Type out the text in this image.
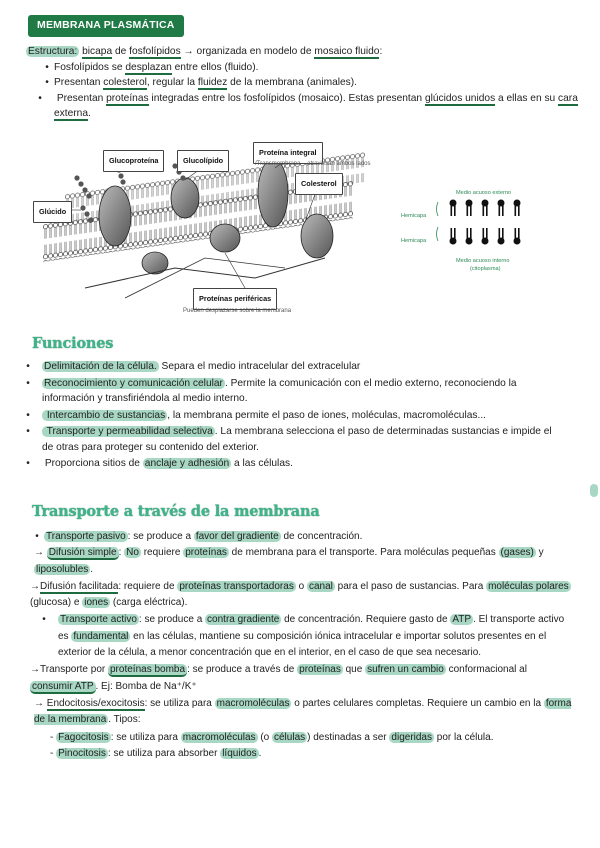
MEMBRANA PLASMÁTICA

Estructura: bicapa de fosfolípidos → organizada en modelo de mosaico fluido:

• Fosfolípidos se desplazan entre ellos (fluido).

• Presentan colesterol, regular la fluidez de la membrana (animales).

• Presentan proteínas integradas entre los fosfolípidos (mosaico). Estas presentan glúcidos unidos a ellas en su cara externa.

Glucoproteína	Glucolípido
Proteína integral
/Transmembrana    atraviesan ambos lados
Colesterol
Glúcido
Proteínas periféricas
Pueden desplazarse sobre la membrana
Medio acuoso externo
Hemicapa
Hemicapa
Medio acuoso interno
(citoplasma)
Funciones

• Delimitación de la célula. Separa el medio intracelular del extracelular

• Reconocimiento y comunicación celular . Permite la comunicación con el medio externo, reconociendo la información y transfiriéndola al medio interno.

• Intercambio de sustancias , la membrana permite el paso de iones, moléculas, macromoléculas...

• Transporte y permeabilidad selectiva . La membrana selecciona el paso de determinadas sustancias e impide el de otras para proteger su contenido del exterior.

• Proporciona sitios de anclaje y adhesión a las células.

Transporte a través de la membrana

• Transporte pasivo : se produce a favor del gradiente de concentración.

→ Difusión simple : No requiere proteínas de membrana para el transporte. Para moléculas pequeñas (gases) y liposolubles .

→Difusión facilitada: requiere de proteínas transportadoras o canal para el paso de sustancias. Para moléculas polares (glucosa) e iones (carga eléctrica).

• Transporte activo : se produce a contra gradiente de concentración. Requiere gasto de ATP . El transporte activo es fundamental en las células, mantiene su composición iónica intracelular e importar solutos presentes en el exterior de la célula, a menor concentración que en el interior, en el caso de que sea necesario.

→Transporte por proteínas bomba : se produce a través de proteínas que sufren un cambio conformacional al consumir ATP . Ej: Bomba de Na⁺/K⁺

→ Endocitosis/exocitosis: se utiliza para macromoléculas o partes celulares completas. Requiere un cambio en la forma de la membrana . Tipos:

- Fagocitosis : se utiliza para macromoléculas (o células ) destinadas a ser digeridas por la célula.

- Pinocitosis : se utiliza para absorber líquidos .
